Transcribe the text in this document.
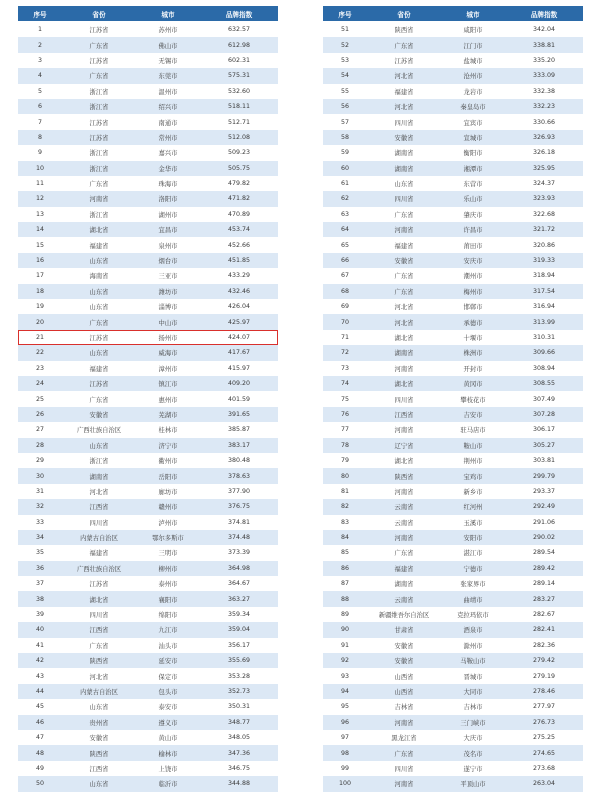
序号	省份	城市	品牌指数
1	江苏省	苏州市	632.57
2	广东省	佛山市	612.98
3	江苏省	无锡市	602.31
4	广东省	东莞市	575.31
5	浙江省	温州市	532.60
6	浙江省	绍兴市	518.11
7	江苏省	南通市	512.71
8	江苏省	常州市	512.08
9	浙江省	嘉兴市	509.23
10	浙江省	金华市	505.75
11	广东省	珠海市	479.82
12	河南省	洛阳市	471.82
13	浙江省	湖州市	470.89
14	湖北省	宜昌市	453.74
15	福建省	泉州市	452.66
16	山东省	烟台市	451.85
17	海南省	三亚市	433.29
18	山东省	潍坊市	432.46
19	山东省	淄博市	426.04
20	广东省	中山市	425.97
21	江苏省	扬州市	424.07
22	山东省	威海市	417.67
23	福建省	漳州市	415.97
24	江苏省	镇江市	409.20
25	广东省	惠州市	401.59
26	安徽省	芜湖市	391.65
27	广西壮族自治区	桂林市	385.87
28	山东省	济宁市	383.17
29	浙江省	衢州市	380.48
30	湖南省	岳阳市	378.63
31	河北省	廊坊市	377.90
32	江西省	赣州市	376.75
33	四川省	泸州市	374.81
34	内蒙古自治区	鄂尔多斯市	374.48
35	福建省	三明市	373.39
36	广西壮族自治区	柳州市	364.98
37	江苏省	泰州市	364.67
38	湖北省	襄阳市	363.27
39	四川省	绵阳市	359.34
40	江西省	九江市	359.04
41	广东省	汕头市	356.17
42	陕西省	延安市	355.69
43	河北省	保定市	353.28
44	内蒙古自治区	包头市	352.73
45	山东省	泰安市	350.31
46	贵州省	遵义市	348.77
47	安徽省	黄山市	348.05
48	陕西省	榆林市	347.36
49	江西省	上饶市	346.75
50	山东省	临沂市	344.88
序号	省份	城市	品牌指数
51	陕西省	咸阳市	342.04
52	广东省	江门市	338.81
53	江苏省	盐城市	335.20
54	河北省	沧州市	333.09
55	福建省	龙岩市	332.38
56	河北省	秦皇岛市	332.23
57	四川省	宜宾市	330.66
58	安徽省	宣城市	326.93
59	湖南省	衡阳市	326.18
60	湖南省	湘潭市	325.95
61	山东省	东营市	324.37
62	四川省	乐山市	323.93
63	广东省	肇庆市	322.68
64	河南省	许昌市	321.72
65	福建省	莆田市	320.86
66	安徽省	安庆市	319.33
67	广东省	潮州市	318.94
68	广东省	梅州市	317.54
69	河北省	邯郸市	316.94
70	河北省	承德市	313.99
71	湖北省	十堰市	310.31
72	湖南省	株洲市	309.66
73	河南省	开封市	308.94
74	湖北省	黄冈市	308.55
75	四川省	攀枝花市	307.49
76	江西省	吉安市	307.28
77	河南省	驻马店市	306.17
78	辽宁省	鞍山市	305.27
79	湖北省	荆州市	303.81
80	陕西省	宝鸡市	299.79
81	河南省	新乡市	293.37
82	云南省	红河州	292.49
83	云南省	玉溪市	291.06
84	河南省	安阳市	290.02
85	广东省	湛江市	289.54
86	福建省	宁德市	289.42
87	湖南省	张家界市	289.14
88	云南省	曲靖市	283.27
89	新疆维吾尔自治区	克拉玛依市	282.67
90	甘肃省	酒泉市	282.41
91	安徽省	滁州市	282.36
92	安徽省	马鞍山市	279.42
93	山西省	晋城市	279.19
94	山西省	大同市	278.46
95	吉林省	吉林市	277.97
96	河南省	三门峡市	276.73
97	黑龙江省	大庆市	275.25
98	广东省	茂名市	274.65
99	四川省	遂宁市	273.68
100	河南省	平顶山市	263.04
